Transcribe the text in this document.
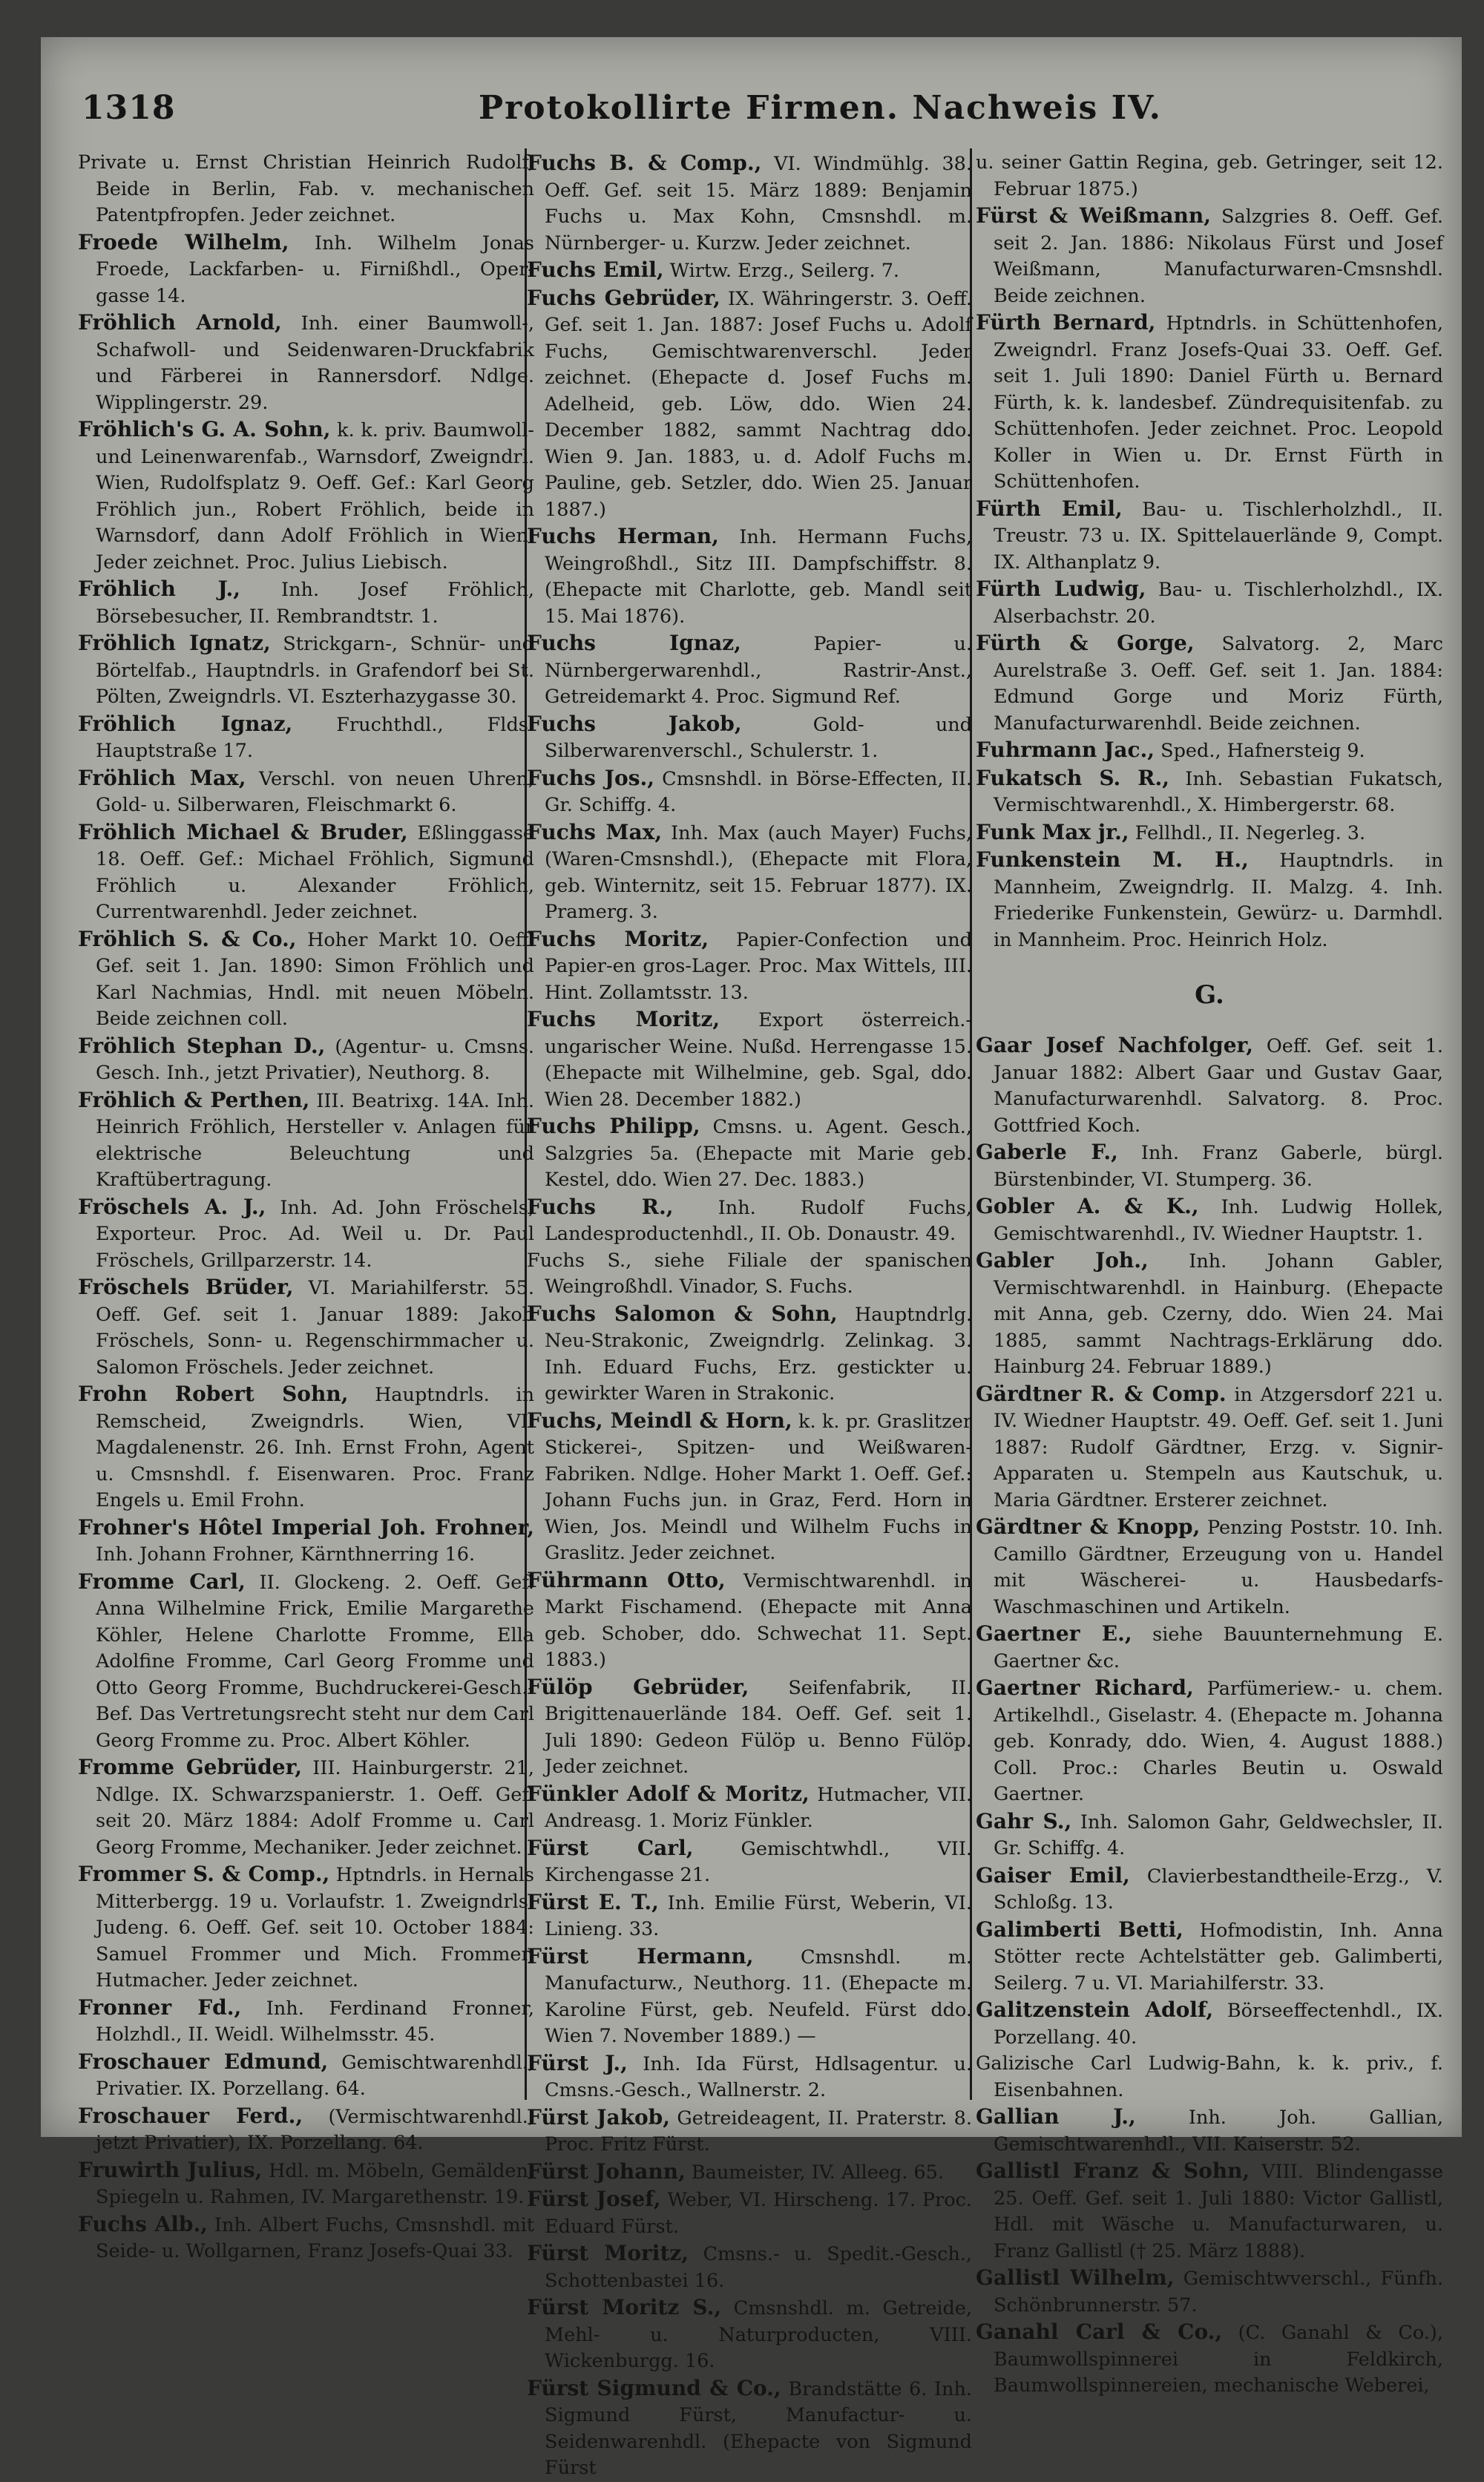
1318	Protokollirte Firmen. Nachweis IV.

Private u. Ernst Christian Heinrich Rudolf, Beide in Berlin, Fab. v. mechanischen Patentpfropfen. Jeder zeichnet.

Froede Wilhelm, Inh. Wilhelm Jonas Froede, Lackfarben- u. Firnißhdl., Oper-gasse 14.

Fröhlich Arnold, Inh. einer Baumwoll-, Schafwoll- und Seidenwaren-Druckfabrik und Färberei in Rannersdorf. Ndlge. Wipplingerstr. 29.

Fröhlich's G. A. Sohn, k. k. priv. Baumwoll- und Leinenwarenfab., Warnsdorf, Zweigndrl. Wien, Rudolfsplatz 9. Oeff. Gef.: Karl Georg Fröhlich jun., Robert Fröhlich, beide in Warnsdorf, dann Adolf Fröhlich in Wien. Jeder zeichnet. Proc. Julius Liebisch.

Fröhlich J., Inh. Josef Fröhlich, Börsebesucher, II. Rembrandtstr. 1.

Fröhlich Ignatz, Strickgarn-, Schnür- und Börtelfab., Hauptndrls. in Grafendorf bei St. Pölten, Zweigndrls. VI. Eszterhazygasse 30.

Fröhlich Ignaz, Fruchthdl., Flds. Hauptstraße 17.

Fröhlich Max, Verschl. von neuen Uhren, Gold- u. Silberwaren, Fleischmarkt 6.

Fröhlich Michael & Bruder, Eßlinggasse 18. Oeff. Gef.: Michael Fröhlich, Sigmund Fröhlich u. Alexander Fröhlich, Currentwarenhdl. Jeder zeichnet.

Fröhlich S. & Co., Hoher Markt 10. Oeff. Gef. seit 1. Jan. 1890: Simon Fröhlich und Karl Nachmias, Hndl. mit neuen Möbeln. Beide zeichnen coll.

Fröhlich Stephan D., (Agentur- u. Cmsns. Gesch. Inh., jetzt Privatier), Neuthorg. 8.

Fröhlich & Perthen, III. Beatrixg. 14A. Inh. Heinrich Fröhlich, Hersteller v. Anlagen für elektrische Beleuchtung und Kraftübertragung.

Fröschels A. J., Inh. Ad. John Fröschels, Exporteur. Proc. Ad. Weil u. Dr. Paul Fröschels, Grillparzerstr. 14.

Fröschels Brüder, VI. Mariahilferstr. 55. Oeff. Gef. seit 1. Januar 1889: Jakob Fröschels, Sonn- u. Regenschirmmacher u. Salomon Fröschels. Jeder zeichnet.

Frohn Robert Sohn, Hauptndrls. in Remscheid, Zweigndrls. Wien, VI. Magdalenenstr. 26. Inh. Ernst Frohn, Agent u. Cmsnshdl. f. Eisenwaren. Proc. Franz Engels u. Emil Frohn.

Frohner's Hôtel Imperial Joh. Frohner, Inh. Johann Frohner, Kärnthnerring 16.

Fromme Carl, II. Glockeng. 2. Oeff. Gef. Anna Wilhelmine Frick, Emilie Margarethe Köhler, Helene Charlotte Fromme, Ella Adolfine Fromme, Carl Georg Fromme und Otto Georg Fromme, Buchdruckerei-Gesch.-Bef. Das Vertretungsrecht steht nur dem Carl Georg Fromme zu. Proc. Albert Köhler.

Fromme Gebrüder, III. Hainburgerstr. 21, Ndlge. IX. Schwarzspanierstr. 1. Oeff. Gef. seit 20. März 1884: Adolf Fromme u. Carl Georg Fromme, Mechaniker. Jeder zeichnet.

Frommer S. & Comp., Hptndrls. in Hernals Mitterbergg. 19 u. Vorlaufstr. 1. Zweigndrls. Judeng. 6. Oeff. Gef. seit 10. October 1884: Samuel Frommer und Mich. Frommer, Hutmacher. Jeder zeichnet.

Fronner Fd., Inh. Ferdinand Fronner, Holzhdl., II. Weidl. Wilhelmsstr. 45.

Froschauer Edmund, Gemischtwarenhdl., Privatier. IX. Porzellang. 64.

Froschauer Ferd., (Vermischtwarenhdl., jetzt Privatier), IX. Porzellang. 64.

Fruwirth Julius, Hdl. m. Möbeln, Gemälden, Spiegeln u. Rahmen, IV. Margarethenstr. 19.

Fuchs Alb., Inh. Albert Fuchs, Cmsnshdl. mit Seide- u. Wollgarnen, Franz Josefs-Quai 33.

Fuchs B. & Comp., VI. Windmühlg. 38. Oeff. Gef. seit 15. März 1889: Benjamin Fuchs u. Max Kohn, Cmsnshdl. m. Nürnberger- u. Kurzw. Jeder zeichnet.

Fuchs Emil, Wirtw. Erzg., Seilerg. 7.

Fuchs Gebrüder, IX. Währingerstr. 3. Oeff. Gef. seit 1. Jan. 1887: Josef Fuchs u. Adolf Fuchs, Gemischtwarenverschl. Jeder zeichnet. (Ehepacte d. Josef Fuchs m. Adelheid, geb. Löw, ddo. Wien 24. December 1882, sammt Nachtrag ddo. Wien 9. Jan. 1883, u. d. Adolf Fuchs m. Pauline, geb. Setzler, ddo. Wien 25. Januar 1887.)

Fuchs Herman, Inh. Hermann Fuchs, Weingroßhdl., Sitz III. Dampfschiffstr. 8. (Ehepacte mit Charlotte, geb. Mandl seit 15. Mai 1876).

Fuchs Ignaz, Papier- u. Nürnbergerwarenhdl., Rastrir-Anst., Getreidemarkt 4. Proc. Sigmund Ref.

Fuchs Jakob, Gold- und Silberwarenverschl., Schulerstr. 1.

Fuchs Jos., Cmsnshdl. in Börse-Effecten, II. Gr. Schiffg. 4.

Fuchs Max, Inh. Max (auch Mayer) Fuchs, (Waren-Cmsnshdl.), (Ehepacte mit Flora, geb. Winternitz, seit 15. Februar 1877). IX. Pramerg. 3.

Fuchs Moritz, Papier-Confection und Papier-en gros-Lager. Proc. Max Wittels, III. Hint. Zollamtsstr. 13.

Fuchs Moritz, Export österreich.-ungarischer Weine. Nußd. Herrengasse 15. (Ehepacte mit Wilhelmine, geb. Sgal, ddo. Wien 28. December 1882.)

Fuchs Philipp, Cmsns. u. Agent. Gesch., Salzgries 5a. (Ehepacte mit Marie geb. Kestel, ddo. Wien 27. Dec. 1883.)

Fuchs R., Inh. Rudolf Fuchs, Landesproductenhdl., II. Ob. Donaustr. 49.

Fuchs S., siehe Filiale der spanischen Weingroßhdl. Vinador, S. Fuchs.

Fuchs Salomon & Sohn, Hauptndrlg. Neu-Strakonic, Zweigndrlg. Zelinkag. 3. Inh. Eduard Fuchs, Erz. gestickter u. gewirkter Waren in Strakonic.

Fuchs, Meindl & Horn, k. k. pr. Graslitzer Stickerei-, Spitzen- und Weißwaren-Fabriken. Ndlge. Hoher Markt 1. Oeff. Gef.: Johann Fuchs jun. in Graz, Ferd. Horn in Wien, Jos. Meindl und Wilhelm Fuchs in Graslitz. Jeder zeichnet.

Führmann Otto, Vermischtwarenhdl. in Markt Fischamend. (Ehepacte mit Anna geb. Schober, ddo. Schwechat 11. Sept. 1883.)

Fülöp Gebrüder, Seifenfabrik, II. Brigittenauerlände 184. Oeff. Gef. seit 1. Juli 1890: Gedeon Fülöp u. Benno Fülöp. Jeder zeichnet.

Fünkler Adolf & Moritz, Hutmacher, VII. Andreasg. 1. Moriz Fünkler.

Fürst Carl, Gemischtwhdl., VII. Kirchengasse 21.

Fürst E. T., Inh. Emilie Fürst, Weberin, VI. Linieng. 33.

Fürst Hermann, Cmsnshdl. m. Manufacturw., Neuthorg. 11. (Ehepacte m. Karoline Fürst, geb. Neufeld. Fürst ddo. Wien 7. November 1889.) —

Fürst J., Inh. Ida Fürst, Hdlsagentur. u. Cmsns.-Gesch., Wallnerstr. 2.

Fürst Jakob, Getreideagent, II. Praterstr. 8. Proc. Fritz Fürst.

Fürst Johann, Baumeister, IV. Alleeg. 65.

Fürst Josef, Weber, VI. Hirscheng. 17. Proc. Eduard Fürst.

Fürst Moritz, Cmsns.- u. Spedit.-Gesch., Schottenbastei 16.

Fürst Moritz S., Cmsnshdl. m. Getreide, Mehl- u. Naturproducten, VIII. Wickenburgg. 16.

Fürst Sigmund & Co., Brandstätte 6. Inh. Sigmund Fürst, Manufactur- u. Seidenwarenhdl. (Ehepacte von Sigmund Fürst

u. seiner Gattin Regina, geb. Getringer, seit 12. Februar 1875.)

Fürst & Weißmann, Salzgries 8. Oeff. Gef. seit 2. Jan. 1886: Nikolaus Fürst und Josef Weißmann, Manufacturwaren-Cmsnshdl. Beide zeichnen.

Fürth Bernard, Hptndrls. in Schüttenhofen, Zweigndrl. Franz Josefs-Quai 33. Oeff. Gef. seit 1. Juli 1890: Daniel Fürth u. Bernard Fürth, k. k. landesbef. Zündrequisitenfab. zu Schüttenhofen. Jeder zeichnet. Proc. Leopold Koller in Wien u. Dr. Ernst Fürth in Schüttenhofen.

Fürth Emil, Bau- u. Tischlerholzhdl., II. Treustr. 73 u. IX. Spittelauerlände 9, Compt. IX. Althanplatz 9.

Fürth Ludwig, Bau- u. Tischlerholzhdl., IX. Alserbachstr. 20.

Fürth & Gorge, Salvatorg. 2, Marc Aurelstraße 3. Oeff. Gef. seit 1. Jan. 1884: Edmund Gorge und Moriz Fürth, Manufacturwarenhdl. Beide zeichnen.

Fuhrmann Jac., Sped., Hafnersteig 9.

Fukatsch S. R., Inh. Sebastian Fukatsch, Vermischtwarenhdl., X. Himbergerstr. 68.

Funk Max jr., Fellhdl., II. Negerleg. 3.

Funkenstein M. H., Hauptndrls. in Mannheim, Zweigndrlg. II. Malzg. 4. Inh. Friederike Funkenstein, Gewürz- u. Darmhdl. in Mannheim. Proc. Heinrich Holz.

G.

Gaar Josef Nachfolger, Oeff. Gef. seit 1. Januar 1882: Albert Gaar und Gustav Gaar, Manufacturwarenhdl. Salvatorg. 8. Proc. Gottfried Koch.

Gaberle F., Inh. Franz Gaberle, bürgl. Bürstenbinder, VI. Stumperg. 36.

Gobler A. & K., Inh. Ludwig Hollek, Gemischtwarenhdl., IV. Wiedner Hauptstr. 1.

Gabler Joh., Inh. Johann Gabler, Vermischtwarenhdl. in Hainburg. (Ehepacte mit Anna, geb. Czerny, ddo. Wien 24. Mai 1885, sammt Nachtrags-Erklärung ddo. Hainburg 24. Februar 1889.)

Gärdtner R. & Comp. in Atzgersdorf 221 u. IV. Wiedner Hauptstr. 49. Oeff. Gef. seit 1. Juni 1887: Rudolf Gärdtner, Erzg. v. Signir-Apparaten u. Stempeln aus Kautschuk, u. Maria Gärdtner. Ersterer zeichnet.

Gärdtner & Knopp, Penzing Poststr. 10. Inh. Camillo Gärdtner, Erzeugung von u. Handel mit Wäscherei- u. Hausbedarfs-Waschmaschinen und Artikeln.

Gaertner E., siehe Bauunternehmung E. Gaertner &c.

Gaertner Richard, Parfümeriew.- u. chem. Artikelhdl., Giselastr. 4. (Ehepacte m. Johanna geb. Konrady, ddo. Wien, 4. August 1888.) Coll. Proc.: Charles Beutin u. Oswald Gaertner.

Gahr S., Inh. Salomon Gahr, Geldwechsler, II. Gr. Schiffg. 4.

Gaiser Emil, Clavierbestandtheile-Erzg., V. Schloßg. 13.

Galimberti Betti, Hofmodistin, Inh. Anna Stötter recte Achtelstätter geb. Galimberti, Seilerg. 7 u. VI. Mariahilferstr. 33.

Galitzenstein Adolf, Börseeffectenhdl., IX. Porzellang. 40.

Galizische Carl Ludwig-Bahn, k. k. priv., f. Eisenbahnen.

Gallian J., Inh. Joh. Gallian, Gemischtwarenhdl., VII. Kaiserstr. 52.

Gallistl Franz & Sohn, VIII. Blindengasse 25. Oeff. Gef. seit 1. Juli 1880: Victor Gallistl, Hdl. mit Wäsche u. Manufacturwaren, u. Franz Gallistl († 25. März 1888).

Gallistl Wilhelm, Gemischtwverschl., Fünfh. Schönbrunnerstr. 57.

Ganahl Carl & Co., (C. Ganahl & Co.), Baumwollspinnerei in Feldkirch, Baumwollspinnereien, mechanische Weberei,
